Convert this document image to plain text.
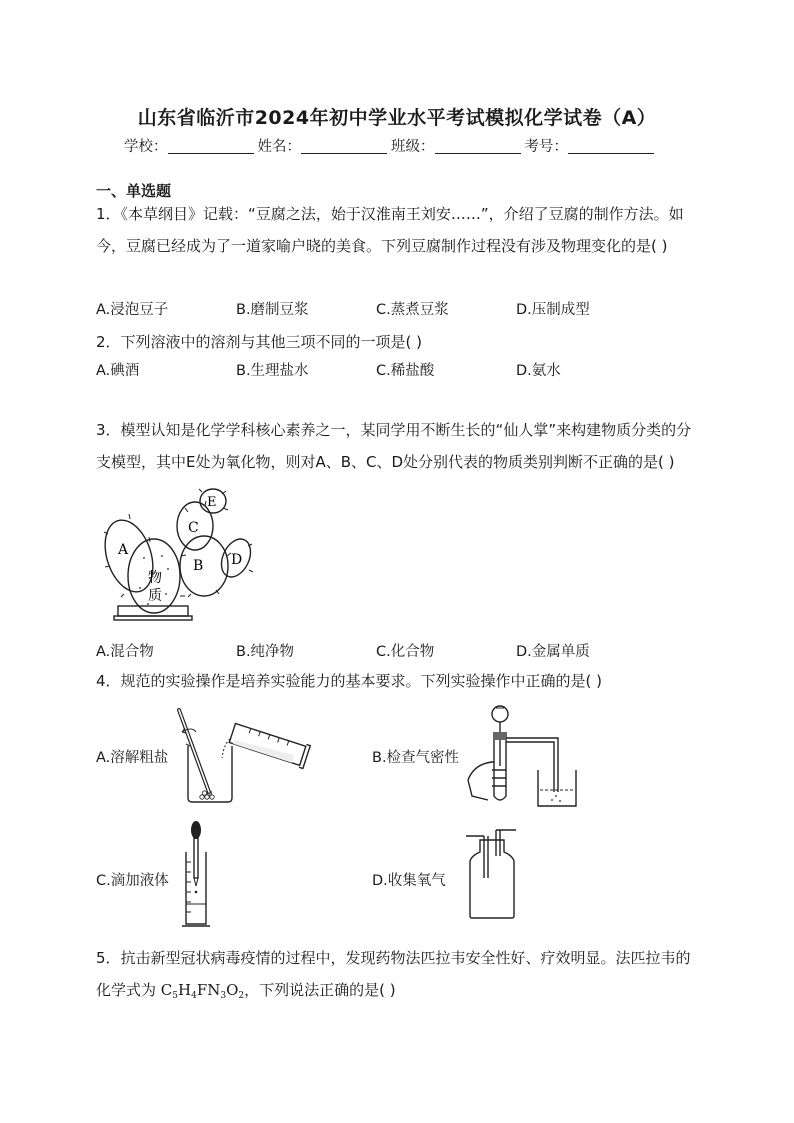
山东省临沂市2024年初中学业水平考试模拟化学试卷（A）
学校：	姓名：	班级：	考号：
一、单选题

1．《本草纲目》记载：“豆腐之法，始于汉淮南王刘安……”，介绍了豆腐的制作方法。如今，豆腐已经成为了一道家喻户晓的美食。下列豆腐制作过程没有涉及物理变化的是( )

A.浸泡豆子	B.磨制豆浆	C.蒸煮豆浆	D.压制成型

2．下列溶液中的溶剂与其他三项不同的一项是( )

A.碘酒	B.生理盐水	C.稀盐酸	D.氨水

3．模型认知是化学学科核心素养之一，某同学用不断生长的“仙人掌”来构建物质分类的分支模型，其中E处为氧化物，则对A、B、C、D处分别代表的物质类别判断不正确的是( )

A
B
C
D
E
物
质
A.混合物	B.纯净物	C.化合物	D.金属单质

4．规范的实验操作是培养实验能力的基本要求。下列实验操作中正确的是( )

A.溶解粗盐	B.检查气密性
C.滴加液体	D.收集氧气

5．抗击新型冠状病毒疫情的过程中，发现药物法匹拉韦安全性好、疗效明显。法匹拉韦的化学式为 $C_5H_4FN_3O_2$，下列说法正确的是( )
